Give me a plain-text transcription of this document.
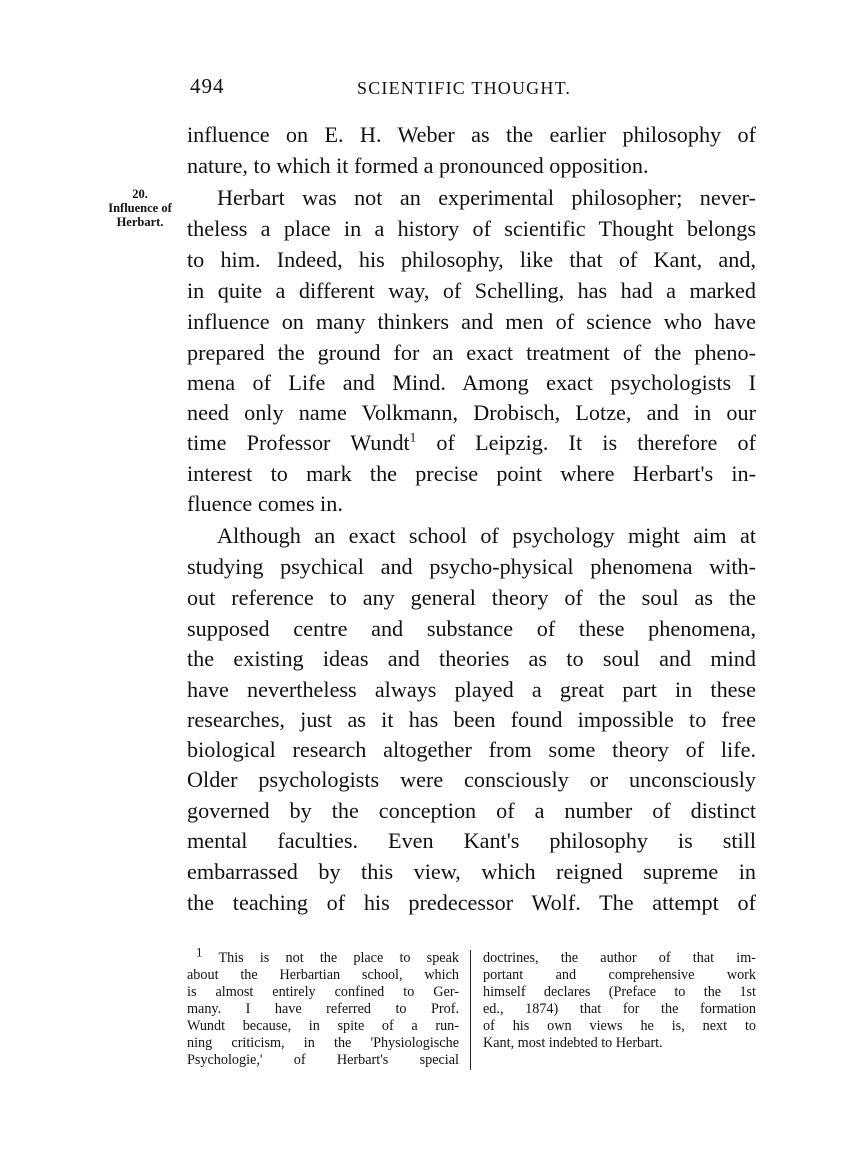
494	SCIENTIFIC THOUGHT.
20.
Influence of
Herbart.
influence on E. H. Weber as the earlier philosophy of
nature, to which it formed a pronounced opposition.
Herbart was not an experimental philosopher; never-
theless a place in a history of scientific Thought belongs
to him. Indeed, his philosophy, like that of Kant, and,
in quite a different way, of Schelling, has had a marked
influence on many thinkers and men of science who have
prepared the ground for an exact treatment of the pheno-
mena of Life and Mind. Among exact psychologists I
need only name Volkmann, Drobisch, Lotze, and in our
time Professor Wundt$^1$ of Leipzig. It is therefore of
interest to mark the precise point where Herbart's in-
fluence comes in.
Although an exact school of psychology might aim at
studying psychical and psycho-physical phenomena with-
out reference to any general theory of the soul as the
supposed centre and substance of these phenomena,
the existing ideas and theories as to soul and mind
have nevertheless always played a great part in these
researches, just as it has been found impossible to free
biological research altogether from some theory of life.
Older psychologists were consciously or unconsciously
governed by the conception of a number of distinct
mental faculties. Even Kant's philosophy is still
embarrassed by this view, which reigned supreme in
the teaching of his predecessor Wolf. The attempt of
$^1$ This is not the place to speak
about the Herbartian school, which
is almost entirely confined to Ger-
many. I have referred to Prof.
Wundt because, in spite of a run-
ning criticism, in the 'Physiologische
Psychologie,' of Herbart's special
doctrines, the author of that im-
portant and comprehensive work
himself declares (Preface to the 1st
ed., 1874) that for the formation
of his own views he is, next to
Kant, most indebted to Herbart.
